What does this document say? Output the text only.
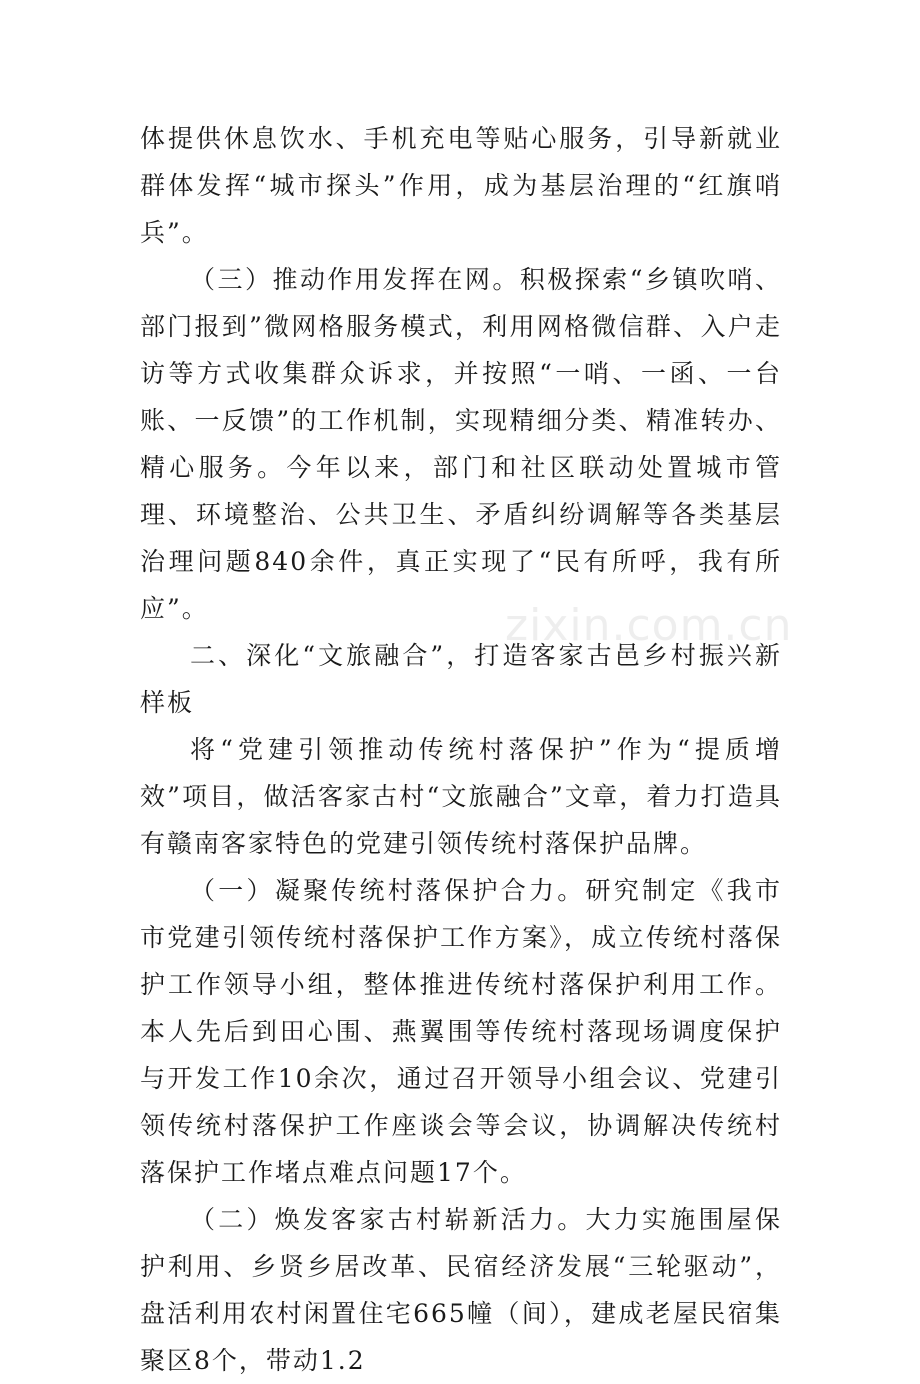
体提供休息饮水、手机充电等贴心服务，引导新就业群体发挥“城市探头”作用，成为基层治理的“红旗哨兵”。

（三）推动作用发挥在网。积极探索“乡镇吹哨、部门报到”微网格服务模式，利用网格微信群、入户走访等方式收集群众诉求，并按照“一哨、一函、一台账、一反馈”的工作机制，实现精细分类、精准转办、精心服务。今年以来，部门和社区联动处置城市管理、环境整治、公共卫生、矛盾纠纷调解等各类基层治理问题840余件，真正实现了“民有所呼，我有所应”。

二、深化“文旅融合”，打造客家古邑乡村振兴新样板

将“党建引领推动传统村落保护”作为“提质增效”项目，做活客家古村“文旅融合”文章，着力打造具有赣南客家特色的党建引领传统村落保护品牌。

（一）凝聚传统村落保护合力。研究制定《我市市党建引领传统村落保护工作方案》，成立传统村落保护工作领导小组，整体推进传统村落保护利用工作。本人先后到田心围、燕翼围等传统村落现场调度保护与开发工作10余次，通过召开领导小组会议、党建引领传统村落保护工作座谈会等会议，协调解决传统村落保护工作堵点难点问题17个。

（二）焕发客家古村崭新活力。大力实施围屋保护利用、乡贤乡居改革、民宿经济发展“三轮驱动”，盘活利用农村闲置住宅665幢（间），建成老屋民宿集聚区8个，带动1.2

zixin.com.cn
